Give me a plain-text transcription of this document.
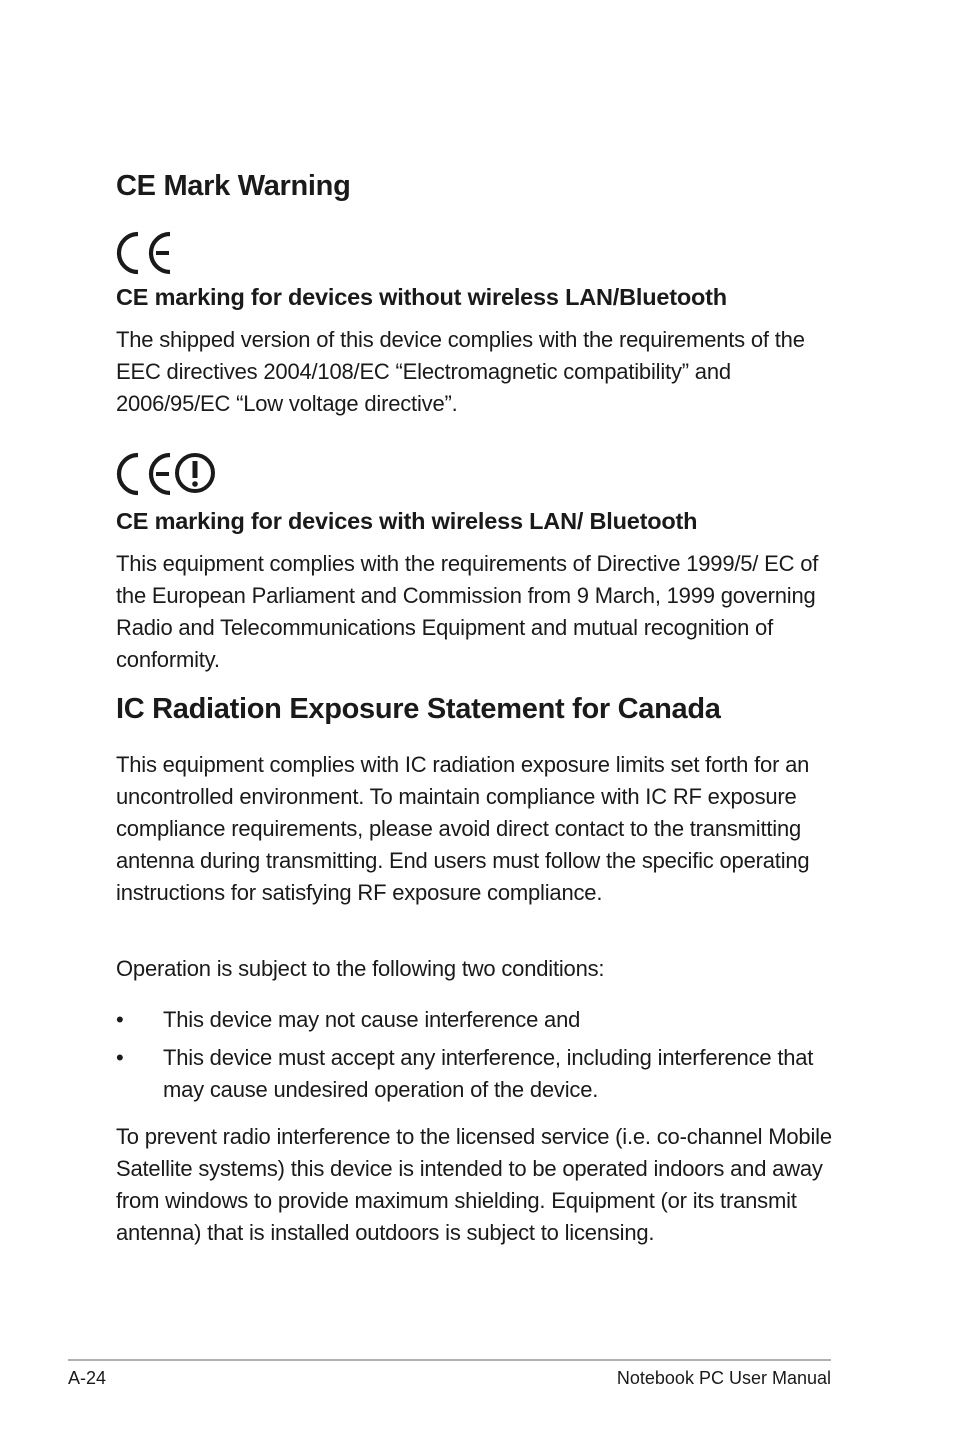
CE Mark Warning
CE marking for devices without wireless LAN/Bluetooth

The shipped version of this device complies with the requirements of the EEC directives 2004/108/EC “Electromagnetic compatibility” and 2006/95/EC “Low voltage directive”.

CE marking for devices with wireless LAN/ Bluetooth

This equipment complies with the requirements of Directive 1999/5/ EC of the European Parliament and Commission from 9 March, 1999 governing Radio and Telecommunications Equipment and mutual recognition of conformity.

IC Radiation Exposure Statement for Canada

This equipment complies with IC radiation exposure limits set forth for an uncontrolled environment. To maintain compliance with IC RF exposure compliance requirements, please avoid direct contact to the transmitting antenna during transmitting. End users must follow the specific operating instructions for satisfying RF exposure compliance.

Operation is subject to the following two conditions:

• This device may not cause interference and
• This device must accept any interference, including interference that may cause undesired operation of the device.

To prevent radio interference to the licensed service (i.e. co-channel Mobile Satellite systems) this device is intended to be operated indoors and away from windows to provide maximum shielding. Equipment (or its transmit antenna) that is installed outdoors is subject to licensing.

A-24	Notebook PC User Manual
